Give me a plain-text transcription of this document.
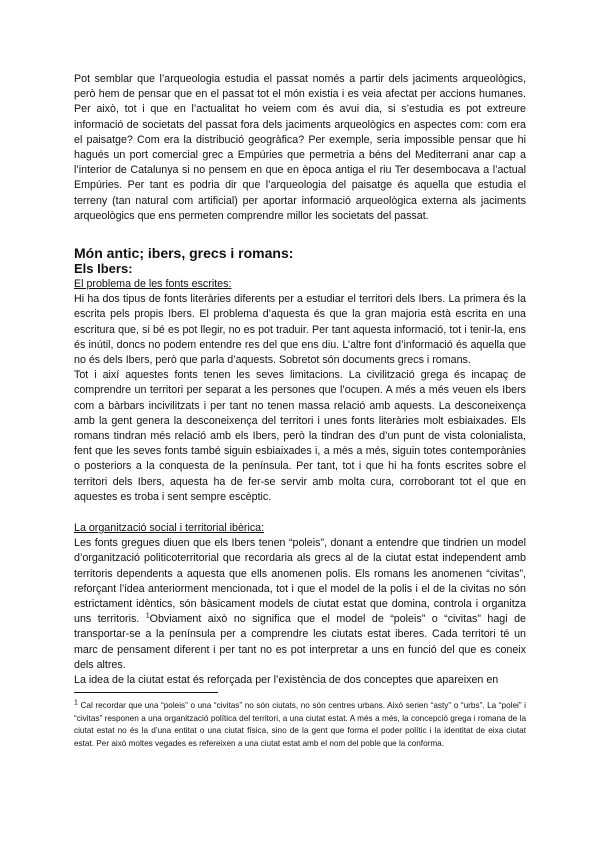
Pot semblar que l’arqueologia estudia el passat només a partir dels jaciments arqueològics, però hem de pensar que en el passat tot el món existia i es veia afectat per accions humanes. Per això, tot i que en l’actualitat ho veiem com és avui dia, si s’estudia es pot extreure informació de societats del passat fora dels jaciments arqueològics en aspectes com: com era el paisatge? Com era la distribució geogràfica? Per exemple, seria impossible pensar que hi hagués un port comercial grec a Empúries que permetria a béns del Mediterrani anar cap a l’interior de Catalunya si no pensem en que en època antiga el riu Ter desembocava a l’actual Empúries. Per tant es podria dir que l’arqueologia del paisatge és aquella que estudia el terreny (tan natural com artificial) per aportar informació arqueològica externa als jaciments arqueològics que ens permeten comprendre millor les societats del passat.

Món antic; ibers, grecs i romans:
Els Ibers:
El problema de les fonts escrites:

Hi ha dos tipus de fonts literàries diferents per a estudiar el territori dels Ibers. La primera és la escrita pels propis Ibers. El problema d’aquesta és que la gran majoria està escrita en una escritura que, si bé es pot llegir, no es pot traduir. Per tant aquesta informació, tot i tenir-la, ens és inútil, doncs no podem entendre res del que ens diu. L’altre font d’informació és aquella que no és dels Ibers, però que parla d’aquests. Sobretot són documents grecs i romans.

Tot i així aquestes fonts tenen les seves limitacions. La civilització grega és incapaç de comprendre un territori per separat a les persones que l’ocupen. A més a més veuen els Ibers com a bàrbars incivilitzats i per tant no tenen massa relació amb aquests. La desconeixença amb la gent genera la desconeixença del territori i unes fonts literàries molt esbiaixades. Els romans tindran més relació amb els Ibers, però la tindran des d’un punt de vista colonialista, fent que les seves fonts també siguin esbiaixades i, a més a més, siguin totes contemporànies o posteriors a la conquesta de la península. Per tant, tot i que hi ha fonts escrites sobre el territori dels Ibers, aquesta ha de fer-se servir amb molta cura, corroborant tot el que en aquestes es troba i sent sempre escèptic.

La organització social i territorial ibèrica:

Les fonts gregues diuen que els Ibers tenen “poleis”, donant a entendre que tindrien un model d’organització politicoterritorial que recordaria als grecs al de la ciutat estat independent amb territoris dependents a aquesta que ells anomenen polis. Els romans les anomenen “civitas”, reforçant l’idea anteriorment mencionada, tot i que el model de la polis i el de la civitas no són estrictament idèntics, són bàsicament models de ciutat estat que domina, controla i organitza uns territoris. $^1$Obviament això no significa que el model de “poleis” o “civitas” hagi de transportar-se a la península per a comprendre les ciutats estat iberes. Cada territori té un marc de pensament diferent i per tant no es pot interpretar a uns en funció del que es coneix dels altres.

La idea de la ciutat estat és reforçada per l’existència de dos conceptes que apareixen en

$^1$ Cal recordar que una “poleis” o una “civitas” no són ciutats, no són centres urbans. Això serien “asty” o “urbs”. La “polei” i “civitas” responen a una organització política del territori, a una ciutat estat. A més a més, la concepció grega i romana de la ciutat estat no és la d’una entitat o una ciutat física, sino de la gent que forma el poder polític i la identitat de eixa ciutat estat. Per això moltes vegades es refereixen a una ciutat estat amb el nom del poble que la conforma.
